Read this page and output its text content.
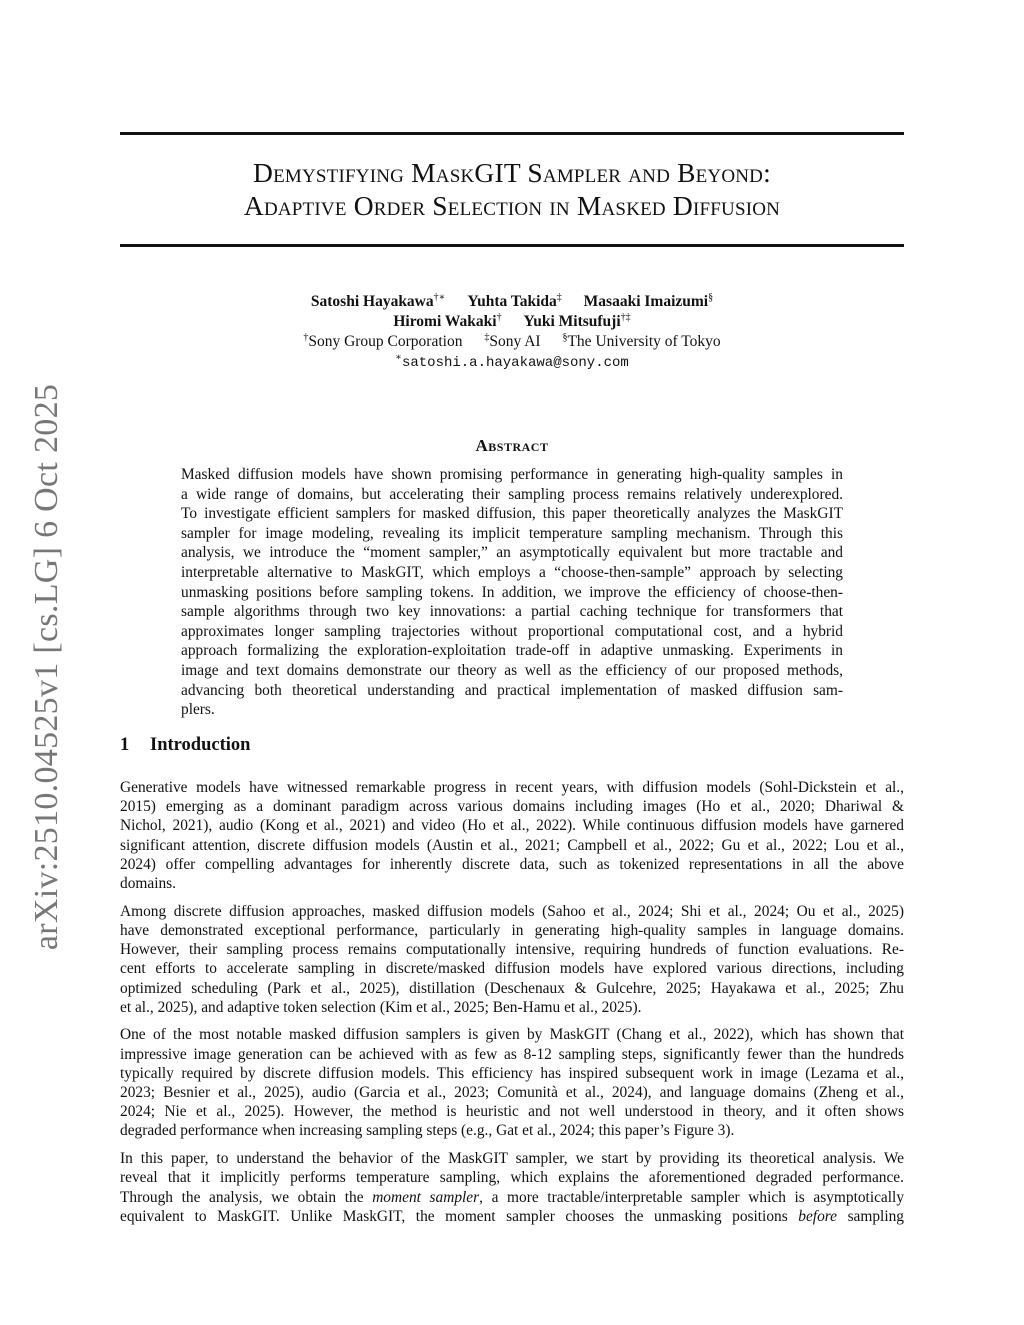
arXiv:2510.04525v1 [cs.LG] 6 Oct 2025
Demystifying MaskGIT Sampler and Beyond:
Adaptive Order Selection in Masked Diffusion
Satoshi Hayakawa†∗ Yuhta Takida‡ Masaaki Imaizumi§
Hiromi Wakaki† Yuki Mitsufuji†‡
†Sony Group Corporation ‡Sony AI §The University of Tokyo
∗satoshi.a.hayakawa@sony.com
Abstract
Masked diffusion models have shown promising performance in generating high-quality samples in
a wide range of domains, but accelerating their sampling process remains relatively underexplored.
To investigate efficient samplers for masked diffusion, this paper theoretically analyzes the MaskGIT
sampler for image modeling, revealing its implicit temperature sampling mechanism. Through this
analysis, we introduce the “moment sampler,” an asymptotically equivalent but more tractable and
interpretable alternative to MaskGIT, which employs a “choose-then-sample” approach by selecting
unmasking positions before sampling tokens. In addition, we improve the efficiency of choose-then-
sample algorithms through two key innovations: a partial caching technique for transformers that
approximates longer sampling trajectories without proportional computational cost, and a hybrid
approach formalizing the exploration-exploitation trade-off in adaptive unmasking. Experiments in
image and text domains demonstrate our theory as well as the efficiency of our proposed methods,
advancing both theoretical understanding and practical implementation of masked diffusion sam-
plers.
1 Introduction
Generative models have witnessed remarkable progress in recent years, with diffusion models (Sohl-Dickstein et al.,
2015) emerging as a dominant paradigm across various domains including images (Ho et al., 2020; Dhariwal &
Nichol, 2021), audio (Kong et al., 2021) and video (Ho et al., 2022). While continuous diffusion models have garnered
significant attention, discrete diffusion models (Austin et al., 2021; Campbell et al., 2022; Gu et al., 2022; Lou et al.,
2024) offer compelling advantages for inherently discrete data, such as tokenized representations in all the above
domains.
Among discrete diffusion approaches, masked diffusion models (Sahoo et al., 2024; Shi et al., 2024; Ou et al., 2025)
have demonstrated exceptional performance, particularly in generating high-quality samples in language domains.
However, their sampling process remains computationally intensive, requiring hundreds of function evaluations. Re-
cent efforts to accelerate sampling in discrete/masked diffusion models have explored various directions, including
optimized scheduling (Park et al., 2025), distillation (Deschenaux & Gulcehre, 2025; Hayakawa et al., 2025; Zhu
et al., 2025), and adaptive token selection (Kim et al., 2025; Ben-Hamu et al., 2025).
One of the most notable masked diffusion samplers is given by MaskGIT (Chang et al., 2022), which has shown that
impressive image generation can be achieved with as few as 8-12 sampling steps, significantly fewer than the hundreds
typically required by discrete diffusion models. This efficiency has inspired subsequent work in image (Lezama et al.,
2023; Besnier et al., 2025), audio (Garcia et al., 2023; Comunità et al., 2024), and language domains (Zheng et al.,
2024; Nie et al., 2025). However, the method is heuristic and not well understood in theory, and it often shows
degraded performance when increasing sampling steps (e.g., Gat et al., 2024; this paper’s Figure 3).
In this paper, to understand the behavior of the MaskGIT sampler, we start by providing its theoretical analysis. We
reveal that it implicitly performs temperature sampling, which explains the aforementioned degraded performance.
Through the analysis, we obtain the moment sampler, a more tractable/interpretable sampler which is asymptotically
equivalent to MaskGIT. Unlike MaskGIT, the moment sampler chooses the unmasking positions before sampling
